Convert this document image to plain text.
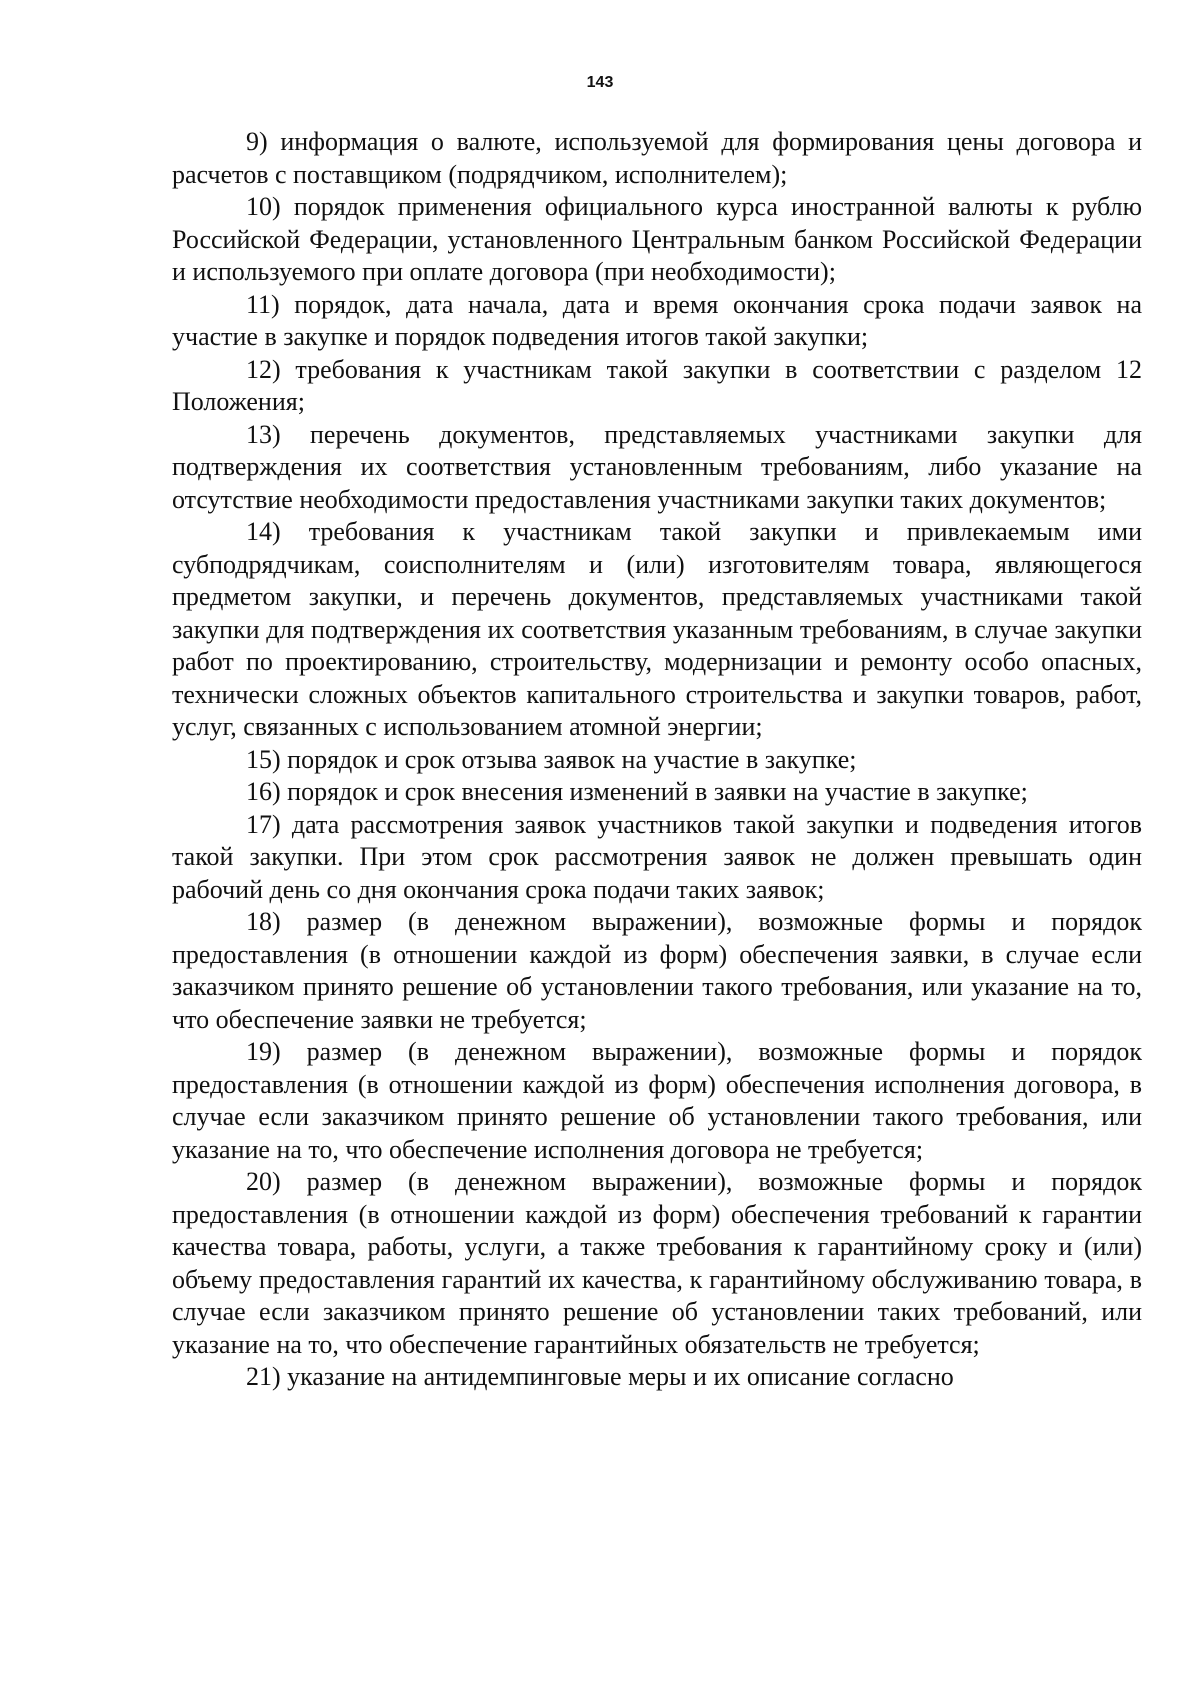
143

9) информация о валюте, используемой для формирования цены договора и расчетов с поставщиком (подрядчиком, исполнителем);

10) порядок применения официального курса иностранной валюты к рублю Российской Федерации, установленного Центральным банком Российской Федерации и используемого при оплате договора (при необходимости);

11) порядок, дата начала, дата и время окончания срока подачи заявок на участие в закупке и порядок подведения итогов такой закупки;

12) требования к участникам такой закупки в соответствии с разделом 12 Положения;

13) перечень документов, представляемых участниками закупки для подтверждения их соответствия установленным требованиям, либо указание на отсутствие необходимости предоставления участниками закупки таких документов;

14) требования к участникам такой закупки и привлекаемым ими субподрядчикам, соисполнителям и (или) изготовителям товара, являющегося предметом закупки, и перечень документов, представляемых участниками такой закупки для подтверждения их соответствия указанным требованиям, в случае закупки работ по проектированию, строительству, модернизации и ремонту особо опасных, технически сложных объектов капитального строительства и закупки товаров, работ, услуг, связанных с использованием атомной энергии;

15) порядок и срок отзыва заявок на участие в закупке;

16) порядок и срок внесения изменений в заявки на участие в закупке;

17) дата рассмотрения заявок участников такой закупки и подведения итогов такой закупки. При этом срок рассмотрения заявок не должен превышать один рабочий день со дня окончания срока подачи таких заявок;

18) размер (в денежном выражении), возможные формы и порядок предоставления (в отношении каждой из форм) обеспечения заявки, в случае если заказчиком принято решение об установлении такого требования, или указание на то, что обеспечение заявки не требуется;

19) размер (в денежном выражении), возможные формы и порядок предоставления (в отношении каждой из форм) обеспечения исполнения договора, в случае если заказчиком принято решение об установлении такого требования, или указание на то, что обеспечение исполнения договора не требуется;

20) размер (в денежном выражении), возможные формы и порядок предоставления (в отношении каждой из форм) обеспечения требований к гарантии качества товара, работы, услуги, а также требования к гарантийному сроку и (или) объему предоставления гарантий их качества, к гарантийному обслуживанию товара, в случае если заказчиком принято решение об установлении таких требований, или указание на то, что обеспечение гарантийных обязательств не требуется;

21) указание на антидемпинговые меры и их описание согласно
